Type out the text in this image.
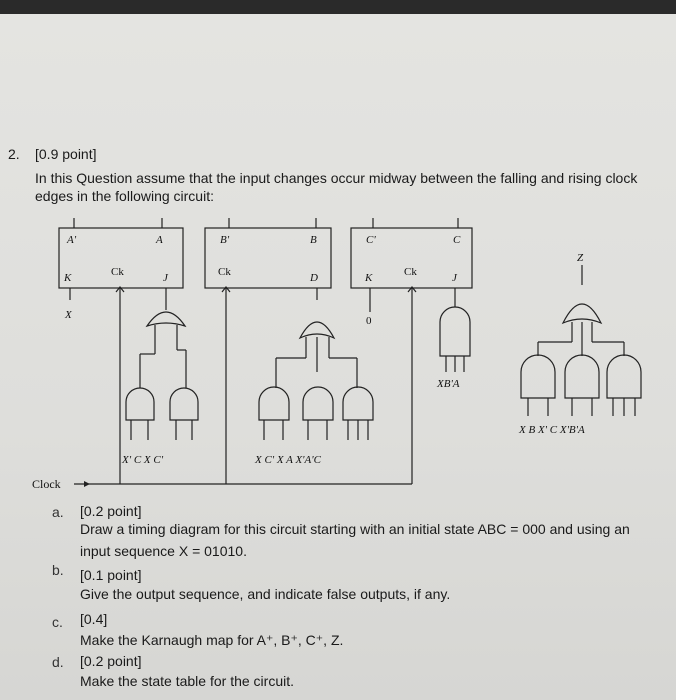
2. [0.9 point]
In this Question assume that the input changes occur midway between the falling and rising clock
edges in the following circuit:
A'	A
K	Ck	J
B'	B
Ck	D
C'	C
K	Ck	J
X	0
Z
X' C X C'	X C' X A X'A'C
XB'A
X B X' C X'B'A
Clock
a. [0.2 point]
Draw a timing diagram for this circuit starting with an initial state ABC = 000 and using an
input sequence X = 01010.
b. [0.1 point]
Give the output sequence, and indicate false outputs, if any.
c. [0.4]
Make the Karnaugh map for A⁺, B⁺, C⁺, Z.
d. [0.2 point]
Make the state table for the circuit.
